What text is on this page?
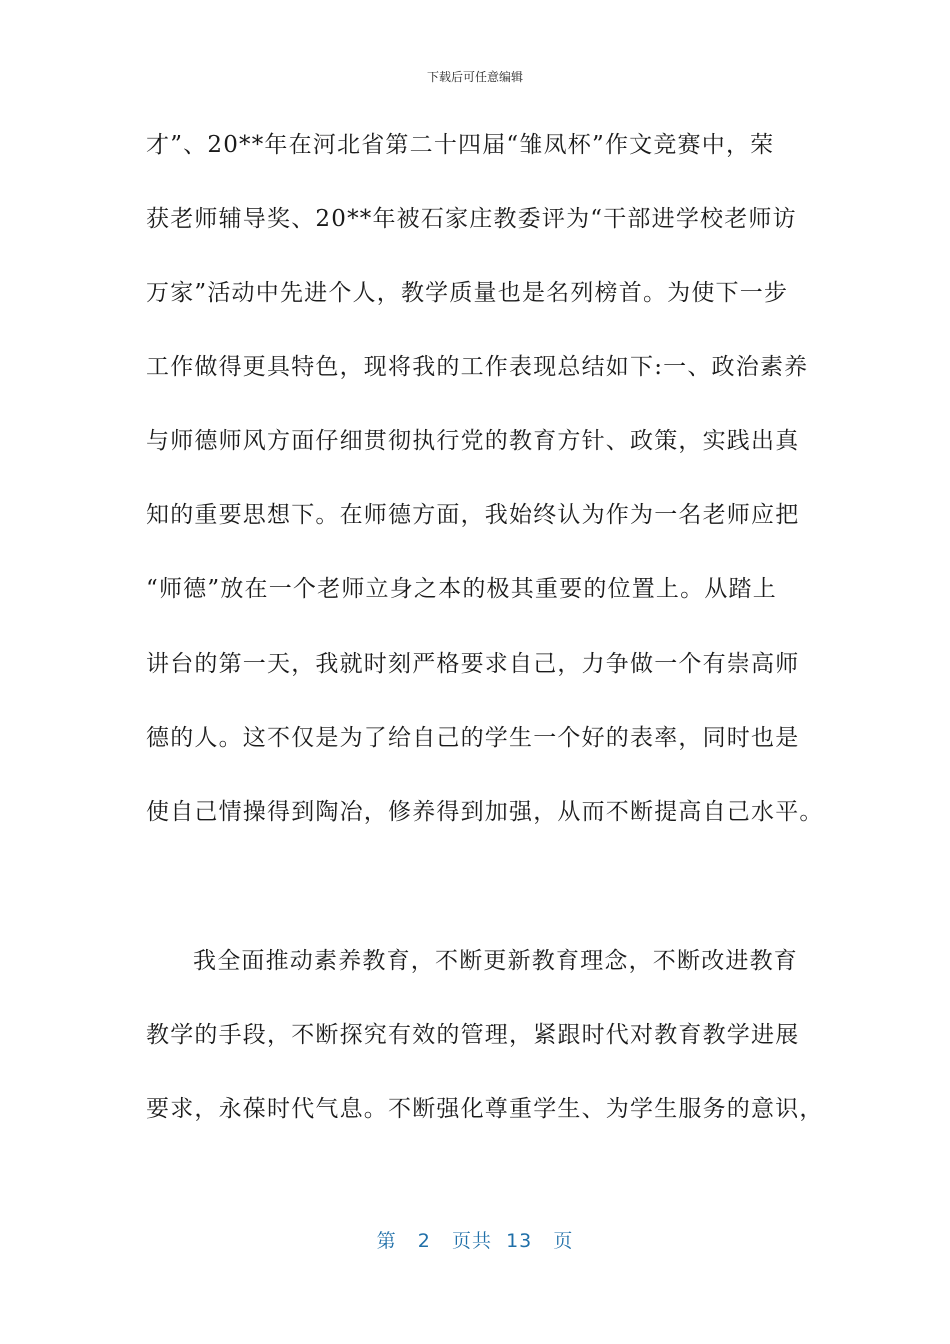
下载后可任意编辑
才”、20**年在河北省第二十四届“雏凤杯”作文竞赛中，荣
获老师辅导奖、20**年被石家庄教委评为“干部进学校老师访
万家”活动中先进个人，教学质量也是名列榜首。为使下一步
工作做得更具特色，现将我的工作表现总结如下:一、政治素养
与师德师风方面仔细贯彻执行党的教育方针、政策，实践出真
知的重要思想下。在师德方面，我始终认为作为一名老师应把
“师德”放在一个老师立身之本的极其重要的位置上。从踏上
讲台的第一天，我就时刻严格要求自己，力争做一个有崇高师
德的人。这不仅是为了给自己的学生一个好的表率，同时也是
使自己情操得到陶冶，修养得到加强，从而不断提高自己水平。
我全面推动素养教育，不断更新教育理念，不断改进教育
教学的手段，不断探究有效的管理，紧跟时代对教育教学进展
要求，永葆时代气息。不断强化尊重学生、为学生服务的意识，
第 2 页共 13 页
